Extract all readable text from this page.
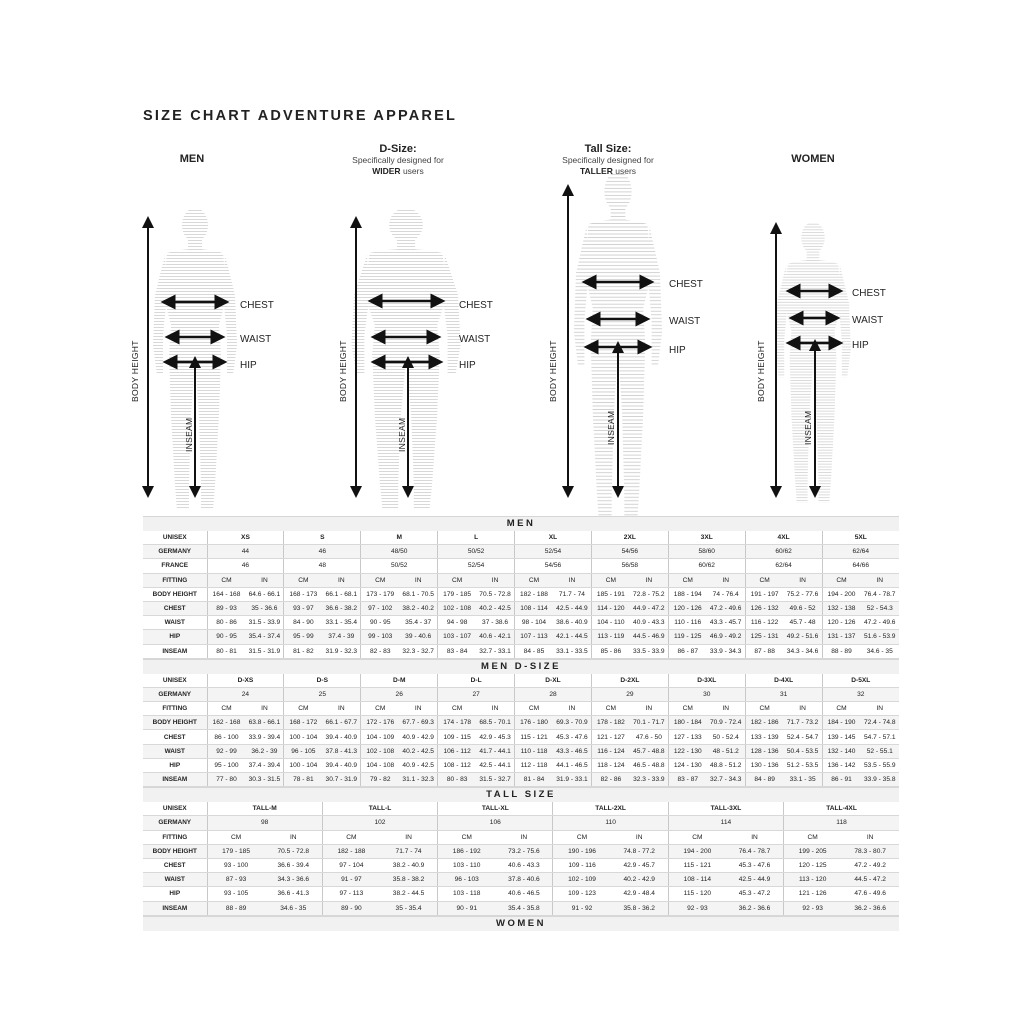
SIZE CHART ADVENTURE APPAREL
MEN
D-Size:
Specifically designed for
WIDER users
Tall Size:
Specifically designed for
TALLER users
WOMEN
CHEST
WAIST
HIP
BODY HEIGHT
INSEAM
CHEST
WAIST
HIP
BODY HEIGHT
INSEAM
CHEST
WAIST
HIP
BODY HEIGHT
INSEAM
CHEST
WAIST
HIP
BODY HEIGHT
INSEAM
MEN
UNISEX	XS		S		M		L		XL		2XL		3XL		4XL		5XL	
GERMANY	44		46		48/50		50/52		52/54		54/56		58/60		60/62		62/64	
FRANCE	46		48		50/52		52/54		54/56		56/58		60/62		62/64		64/66	
FITTING	CM	IN	CM	IN	CM	IN	CM	IN	CM	IN	CM	IN	CM	IN	CM	IN	CM	IN
BODY HEIGHT	164 - 168	64.6 - 66.1	168 - 173	66.1 - 68.1	173 - 179	68.1 - 70.5	179 - 185	70.5 - 72.8	182 - 188	71.7 - 74	185 - 191	72.8 - 75.2	188 - 194	74 - 76.4	191 - 197	75.2 - 77.6	194 - 200	76.4 - 78.7
CHEST	89 - 93	35 - 36.6	93 - 97	36.6 - 38.2	97 - 102	38.2 - 40.2	102 - 108	40.2 - 42.5	108 - 114	42.5 - 44.9	114 - 120	44.9 - 47.2	120 - 126	47.2 - 49.6	126 - 132	49.6 - 52	132 - 138	52 - 54.3
WAIST	80 - 86	31.5 - 33.9	84 - 90	33.1 - 35.4	90 - 95	35.4 - 37	94 - 98	37 - 38.6	98 - 104	38.6 - 40.9	104 - 110	40.9 - 43.3	110 - 116	43.3 - 45.7	116 - 122	45.7 - 48	120 - 126	47.2 - 49.6
HIP	90 - 95	35.4 - 37.4	95 - 99	37.4 - 39	99 - 103	39 - 40.6	103 - 107	40.6 - 42.1	107 - 113	42.1 - 44.5	113 - 119	44.5 - 46.9	119 - 125	46.9 - 49.2	125 - 131	49.2 - 51.6	131 - 137	51.6 - 53.9
INSEAM	80 - 81	31.5 - 31.9	81 - 82	31.9 - 32.3	82 - 83	32.3 - 32.7	83 - 84	32.7 - 33.1	84 - 85	33.1 - 33.5	85 - 86	33.5 - 33.9	86 - 87	33.9 - 34.3	87 - 88	34.3 - 34.6	88 - 89	34.6 - 35
MEN D-SIZE
UNISEX	D-XS		D-S		D-M		D-L		D-XL		D-2XL		D-3XL		D-4XL		D-5XL	
GERMANY	24		25		26		27		28		29		30		31		32	
FITTING	CM	IN	CM	IN	CM	IN	CM	IN	CM	IN	CM	IN	CM	IN	CM	IN	CM	IN
BODY HEIGHT	162 - 168	63.8 - 66.1	168 - 172	66.1 - 67.7	172 - 176	67.7 - 69.3	174 - 178	68.5 - 70.1	176 - 180	69.3 - 70.9	178 - 182	70.1 - 71.7	180 - 184	70.9 - 72.4	182 - 186	71.7 - 73.2	184 - 190	72.4 - 74.8
CHEST	86 - 100	33.9 - 39.4	100 - 104	39.4 - 40.9	104 - 109	40.9 - 42.9	109 - 115	42.9 - 45.3	115 - 121	45.3 - 47.6	121 - 127	47.6 - 50	127 - 133	50 - 52.4	133 - 139	52.4 - 54.7	139 - 145	54.7 - 57.1
WAIST	92 - 99	36.2 - 39	96 - 105	37.8 - 41.3	102 - 108	40.2 - 42.5	106 - 112	41.7 - 44.1	110 - 118	43.3 - 46.5	116 - 124	45.7 - 48.8	122 - 130	48 - 51.2	128 - 136	50.4 - 53.5	132 - 140	52 - 55.1
HIP	95 - 100	37.4 - 39.4	100 - 104	39.4 - 40.9	104 - 108	40.9 - 42.5	108 - 112	42.5 - 44.1	112 - 118	44.1 - 46.5	118 - 124	46.5 - 48.8	124 - 130	48.8 - 51.2	130 - 136	51.2 - 53.5	136 - 142	53.5 - 55.9
INSEAM	77 - 80	30.3 - 31.5	78 - 81	30.7 - 31.9	79 - 82	31.1 - 32.3	80 - 83	31.5 - 32.7	81 - 84	31.9 - 33.1	82 - 86	32.3 - 33.9	83 - 87	32.7 - 34.3	84 - 89	33.1 - 35	86 - 91	33.9 - 35.8
TALL SIZE
UNISEX	TALL-M		TALL-L		TALL-XL		TALL-2XL		TALL-3XL		TALL-4XL	
GERMANY	98		102		106		110		114		118	
FITTING	CM	IN	CM	IN	CM	IN	CM	IN	CM	IN	CM	IN
BODY HEIGHT	179 - 185	70.5 - 72.8	182 - 188	71.7 - 74	186 - 192	73.2 - 75.6	190 - 196	74.8 - 77.2	194 - 200	76.4 - 78.7	199 - 205	78.3 - 80.7
CHEST	93 - 100	36.6 - 39.4	97 - 104	38.2 - 40.9	103 - 110	40.6 - 43.3	109 - 116	42.9 - 45.7	115 - 121	45.3 - 47.6	120 - 125	47.2 - 49.2
WAIST	87 - 93	34.3 - 36.6	91 - 97	35.8 - 38.2	96 - 103	37.8 - 40.6	102 - 109	40.2 - 42.9	108 - 114	42.5 - 44.9	113 - 120	44.5 - 47.2
HIP	93 - 105	36.6 - 41.3	97 - 113	38.2 - 44.5	103 - 118	40.6 - 46.5	109 - 123	42.9 - 48.4	115 - 120	45.3 - 47.2	121 - 126	47.6 - 49.6
INSEAM	88 - 89	34.6 - 35	89 - 90	35 - 35.4	90 - 91	35.4 - 35.8	91 - 92	35.8 - 36.2	92 - 93	36.2 - 36.6	92 - 93	36.2 - 36.6
WOMEN
